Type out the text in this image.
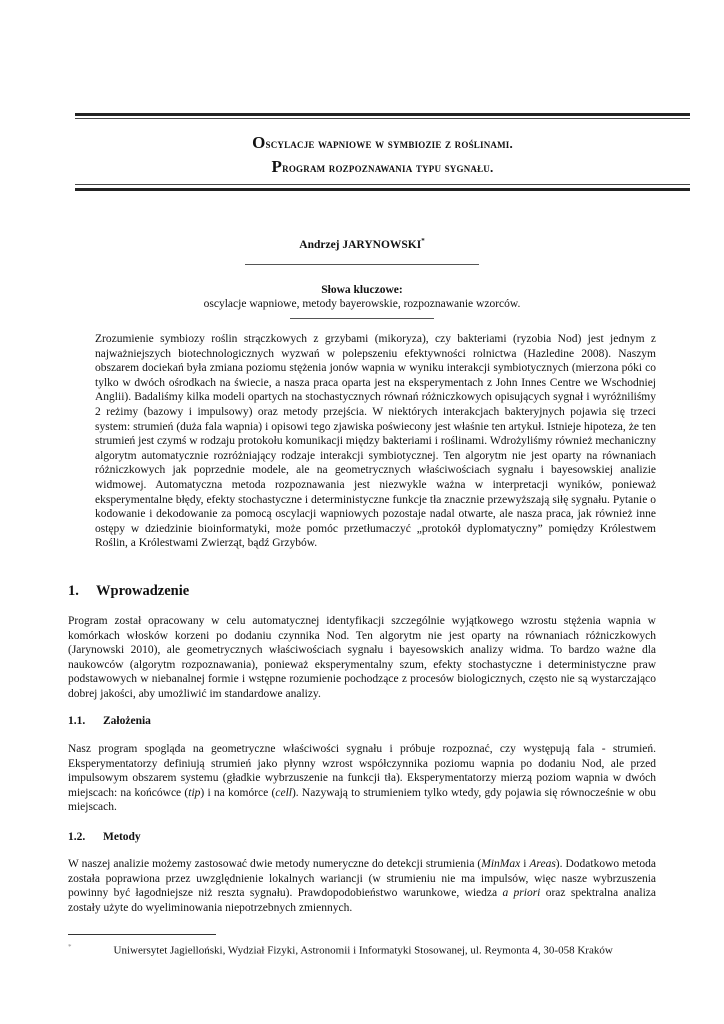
Oscylacje wapniowe w symbiozie z roślinami.
Program rozpoznawania typu sygnału.
Andrzej JARYNOWSKI*
Słowa kluczowe:
oscylacje wapniowe, metody bayerowskie, rozpoznawanie wzorców.

Zrozumienie symbiozy roślin strączkowych z grzybami (mikoryza), czy bakteriami (ryzobia Nod) jest jednym z najważniejszych biotechnologicznych wyzwań w polepszeniu efektywności rolnictwa (Hazledine 2008). Naszym obszarem dociekań była zmiana poziomu stężenia jonów wapnia w wyniku interakcji symbiotycznych (mierzona póki co tylko w dwóch ośrodkach na świecie, a nasza praca oparta jest na eksperymentach z John Innes Centre we Wschodniej Anglii). Badaliśmy kilka modeli opartych na stochastycznych równań różniczkowych opisujących sygnał i wyróżniliśmy 2 reżimy (bazowy i impulsowy) oraz metody przejścia. W niektórych interakcjach bakteryjnych pojawia się trzeci system: strumień (duża fala wapnia) i opisowi tego zjawiska poświecony jest właśnie ten artykuł. Istnieje hipoteza, że ten strumień jest czymś w rodzaju protokołu komunikacji między bakteriami i roślinami. Wdrożyliśmy również mechaniczny algorytm automatycznie rozróżniający rodzaje interakcji symbiotycznej. Ten algorytm nie jest oparty na równaniach różniczkowych jak poprzednie modele, ale na geometrycznych właściwościach sygnału i bayesowskiej analizie widmowej. Automatyczna metoda rozpoznawania jest niezwykle ważna w interpretacji wyników, ponieważ eksperymentalne błędy, efekty stochastyczne i deterministyczne funkcje tła znacznie przewyższają siłę sygnału. Pytanie o kodowanie i dekodowanie za pomocą oscylacji wapniowych pozostaje nadal otwarte, ale nasza praca, jak również inne ostępy w dziedzinie bioinformatyki, może pomóc przetłumaczyć „protokół dyplomatyczny” pomiędzy Królestwem Roślin, a Królestwami Zwierząt, bądź Grzybów.

1. Wprowadzenie

Program został opracowany w celu automatycznej identyfikacji szczególnie wyjątkowego wzrostu stężenia wapnia w komórkach włosków korzeni po dodaniu czynnika Nod. Ten algorytm nie jest oparty na równaniach różniczkowych (Jarynowski 2010), ale geometrycznych właściwościach sygnału i bayesowskich analizy widma. To bardzo ważne dla naukowców (algorytm rozpoznawania), ponieważ eksperymentalny szum, efekty stochastyczne i deterministyczne praw podstawowych w niebanalnej formie i wstępne rozumienie pochodzące z procesów biologicznych, często nie są wystarczająco dobrej jakości, aby umożliwić im standardowe analizy.

1.1. Założenia

Nasz program spogląda na geometryczne właściwości sygnału i próbuje rozpoznać, czy występują fala - strumień. Eksperymentatorzy definiują strumień jako płynny wzrost współczynnika poziomu wapnia po dodaniu Nod, ale przed impulsowym obszarem systemu (gładkie wybrzuszenie na funkcji tła). Eksperymentatorzy mierzą poziom wapnia w dwóch miejscach: na końcówce (tip) i na komórce (cell). Nazywają to strumieniem tylko wtedy, gdy pojawia się równocześnie w obu miejscach.

1.2. Metody

W naszej analizie możemy zastosować dwie metody numeryczne do detekcji strumienia (MinMax i Areas). Dodatkowo metoda została poprawiona przez uwzględnienie lokalnych wariancji (w strumieniu nie ma impulsów, więc nasze wybrzuszenia powinny być łagodniejsze niż reszta sygnału). Prawdopodobieństwo warunkowe, wiedza a priori oraz spektralna analiza zostały użyte do wyeliminowania niepotrzebnych zmiennych.

*	Uniwersytet Jagielloński, Wydział Fizyki, Astronomii i Informatyki Stosowanej, ul. Reymonta 4, 30-058 Kraków
